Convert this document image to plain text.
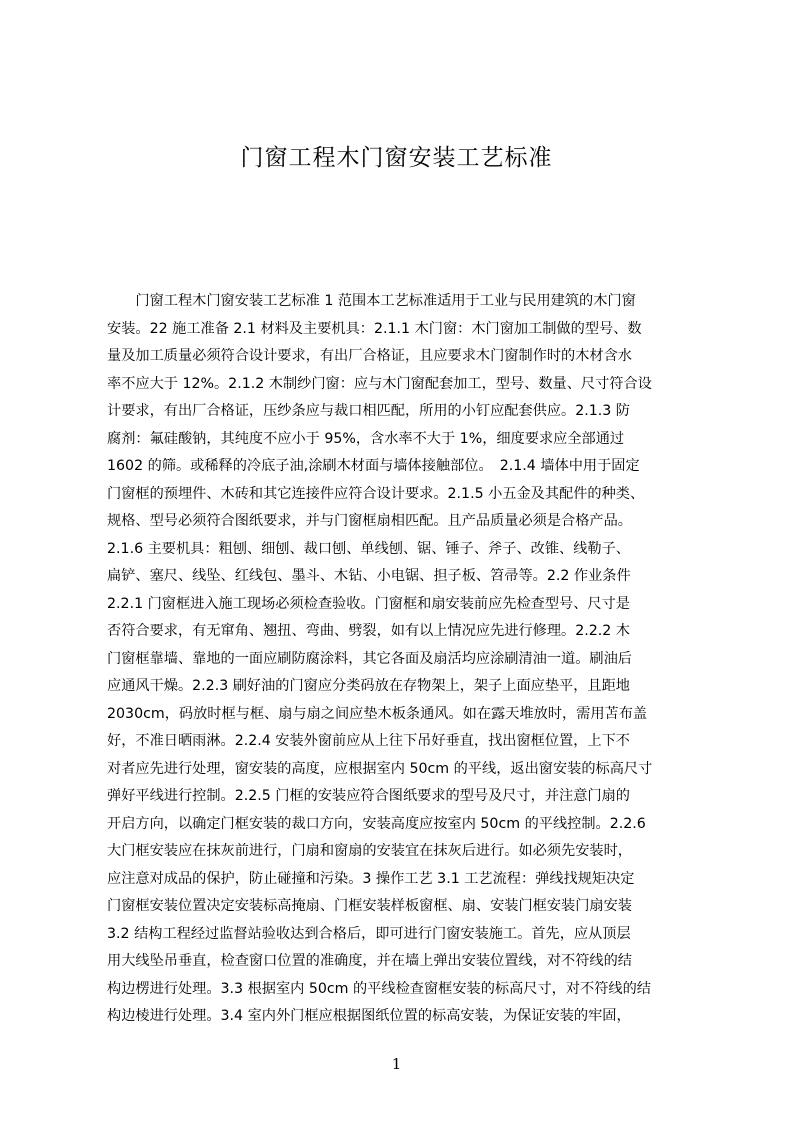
门窗工程木门窗安装工艺标准
　　门窗工程木门窗安装工艺标准 1 范围本工艺标准适用于工业与民用建筑的木门窗
安装。22 施工准备 2.1 材料及主要机具：2.1.1 木门窗：木门窗加工制做的型号、数
量及加工质量必须符合设计要求，有出厂合格证，且应要求木门窗制作时的木材含水
率不应大于 12%。2.1.2 木制纱门窗：应与木门窗配套加工，型号、数量、尺寸符合设
计要求，有出厂合格证，压纱条应与裁口相匹配，所用的小钉应配套供应。2.1.3 防
腐剂：氟硅酸钠，其纯度不应小于 95%，含水率不大于 1%，细度要求应全部通过
1602 的筛。或稀释的冷底子油,涂刷木材面与墙体接触部位。　2.1.4 墙体中用于固定
门窗框的预埋件、木砖和其它连接件应符合设计要求。2.1.5 小五金及其配件的种类、
规格、型号必须符合图纸要求，并与门窗框扇相匹配。且产品质量必须是合格产品。
2.1.6 主要机具：粗刨、细刨、裁口刨、单线刨、锯、锤子、斧子、改锥、线勒子、
扁铲、塞尺、线坠、红线包、墨斗、木钻、小电锯、担子板、笤帚等。2.2 作业条件
2.2.1 门窗框进入施工现场必须检查验收。门窗框和扇安装前应先检查型号、尺寸是
否符合要求，有无窜角、翘扭、弯曲、劈裂，如有以上情况应先进行修理。2.2.2 木
门窗框靠墙、靠地的一面应刷防腐涂料，其它各面及扇活均应涂刷清油一道。刷油后
应通风干燥。2.2.3 刷好油的门窗应分类码放在存物架上，架子上面应垫平，且距地
2030cm，码放时框与框、扇与扇之间应垫木板条通风。如在露天堆放时，需用苫布盖
好，不准日晒雨淋。2.2.4 安装外窗前应从上往下吊好垂直，找出窗框位置，上下不
对者应先进行处理，窗安装的高度，应根据室内 50cm 的平线，返出窗安装的标高尺寸
弹好平线进行控制。2.2.5 门框的安装应符合图纸要求的型号及尺寸，并注意门扇的
开启方向，以确定门框安装的裁口方向，安装高度应按室内 50cm 的平线控制。2.2.6
大门框安装应在抹灰前进行，门扇和窗扇的安装宜在抹灰后进行。如必须先安装时，
应注意对成品的保护，防止碰撞和污染。3 操作工艺 3.1 工艺流程：弹线找规矩决定
门窗框安装位置决定安装标高掩扇、门框安装样板窗框、扇、安装门框安装门扇安装
3.2 结构工程经过监督站验收达到合格后，即可进行门窗安装施工。首先，应从顶层
用大线坠吊垂直，检查窗口位置的准确度，并在墙上弹出安装位置线，对不符线的结
构边楞进行处理。3.3 根据室内 50cm 的平线检查窗框安装的标高尺寸，对不符线的结
构边棱进行处理。3.4 室内外门框应根据图纸位置的标高安装，为保证安装的牢固，
1
